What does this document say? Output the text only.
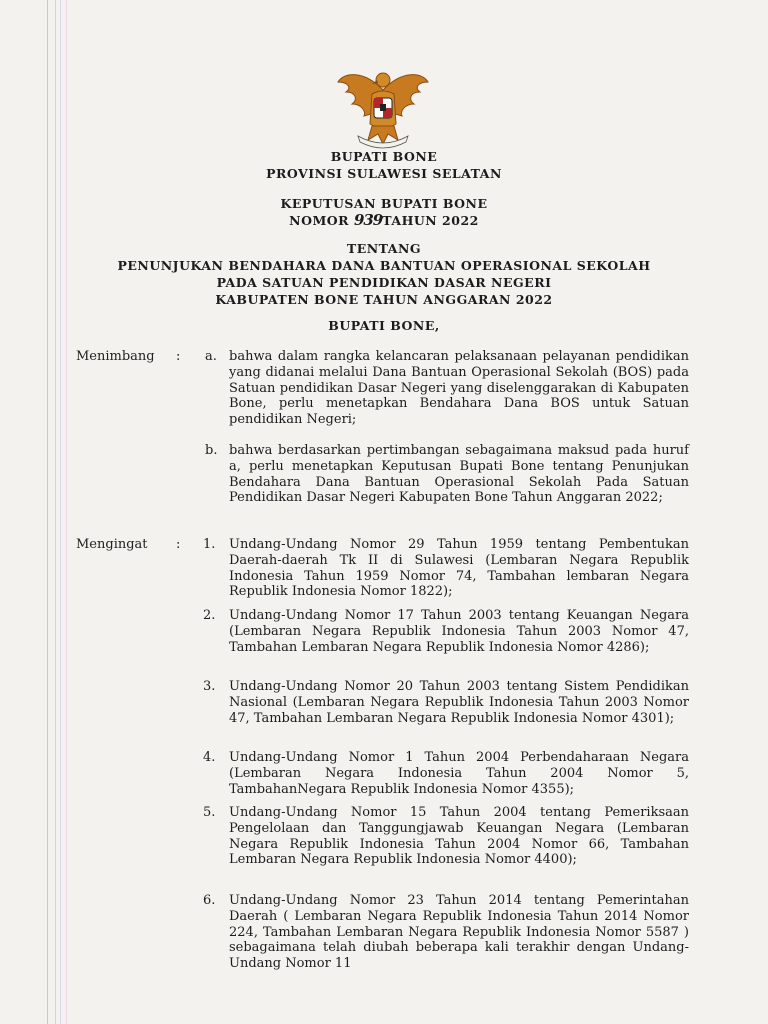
BUPATI BONE
PROVINSI SULAWESI SELATAN
KEPUTUSAN BUPATI BONE
NOMOR 939TAHUN 2022
TENTANG
PENUNJUKAN BENDAHARA DANA BANTUAN OPERASIONAL SEKOLAH
PADA SATUAN PENDIDIKAN DASAR NEGERI
KABUPATEN BONE TAHUN ANGGARAN 2022
BUPATI BONE,
Menimbang : a. bahwa dalam rangka kelancaran pelaksanaan pelayanan pendidikan yang didanai melalui Dana Bantuan Operasional Sekolah (BOS) pada Satuan pendidikan Dasar Negeri yang diselenggarakan di Kabupaten Bone, perlu menetapkan Bendahara Dana BOS untuk Satuan pendidikan Negeri;
b. bahwa berdasarkan pertimbangan sebagaimana maksud pada huruf a, perlu menetapkan Keputusan Bupati Bone tentang Penunjukan Bendahara Dana Bantuan Operasional Sekolah Pada Satuan Pendidikan Dasar Negeri Kabupaten Bone Tahun Anggaran 2022;
Mengingat : 1. Undang-Undang Nomor 29 Tahun 1959 tentang Pembentukan Daerah-daerah Tk II di Sulawesi (Lembaran Negara Republik Indonesia Tahun 1959 Nomor 74, Tambahan lembaran Negara Republik Indonesia Nomor 1822);
2. Undang-Undang Nomor 17 Tahun 2003 tentang Keuangan Negara (Lembaran Negara Republik Indonesia Tahun 2003 Nomor 47, Tambahan Lembaran Negara Republik Indonesia Nomor 4286);
3. Undang-Undang Nomor 20 Tahun 2003 tentang Sistem Pendidikan Nasional (Lembaran Negara Republik Indonesia Tahun 2003 Nomor 47, Tambahan Lembaran Negara Republik Indonesia Nomor 4301);
4. Undang-Undang Nomor 1 Tahun 2004 Perbendaharaan Negara (Lembaran Negara Indonesia Tahun 2004 Nomor 5, TambahanNegara Republik Indonesia Nomor 4355);
5. Undang-Undang Nomor 15 Tahun 2004 tentang Pemeriksaan Pengelolaan dan Tanggungjawab Keuangan Negara (Lembaran Negara Republik Indonesia Tahun 2004 Nomor 66, Tambahan Lembaran Negara Republik Indonesia Nomor 4400);
6. Undang-Undang Nomor 23 Tahun 2014 tentang Pemerintahan Daerah ( Lembaran Negara Republik Indonesia Tahun 2014 Nomor 224, Tambahan Lembaran Negara Republik Indonesia Nomor 5587 ) sebagaimana telah diubah beberapa kali terakhir dengan Undang-Undang Nomor 11
